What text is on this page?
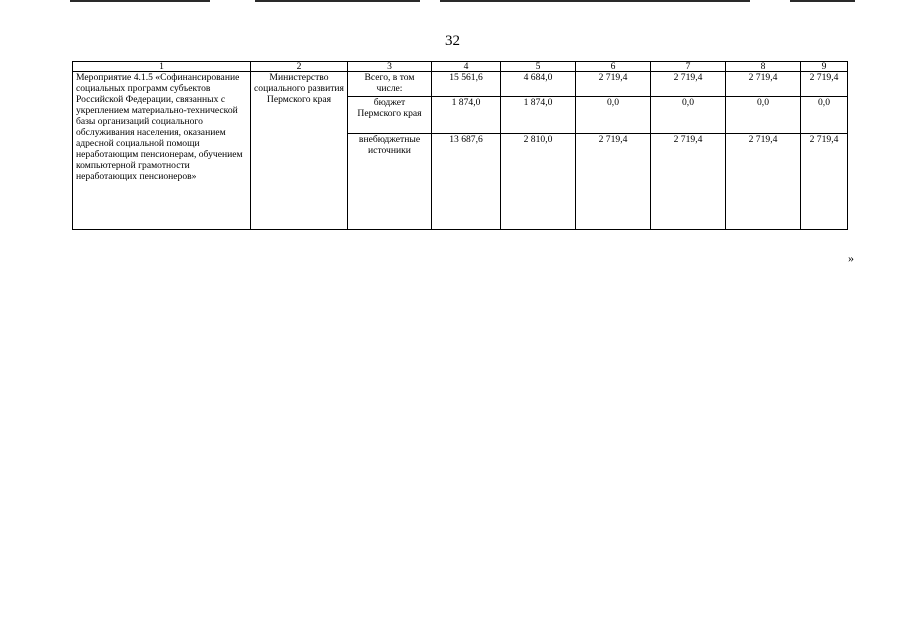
32
1	2	3	4	5	6	7	8	9
Мероприятие 4.1.5 «Софинансирование социальных программ субъектов Российской Федерации, связанных с укреплением материально-технической базы организаций социального обслуживания населения, оказанием адресной социальной помощи неработающим пенсионерам, обучением компьютерной грамотности неработающих пенсионеров»	Министерство социального развития Пермского края	Всего, в том числе:	15 561,6	4 684,0	2 719,4	2 719,4	2 719,4	2 719,4
		бюджет Пермского края	1 874,0	1 874,0	0,0	0,0	0,0	0,0
		внебюджетные источники	13 687,6	2 810,0	2 719,4	2 719,4	2 719,4	2 719,4
»
